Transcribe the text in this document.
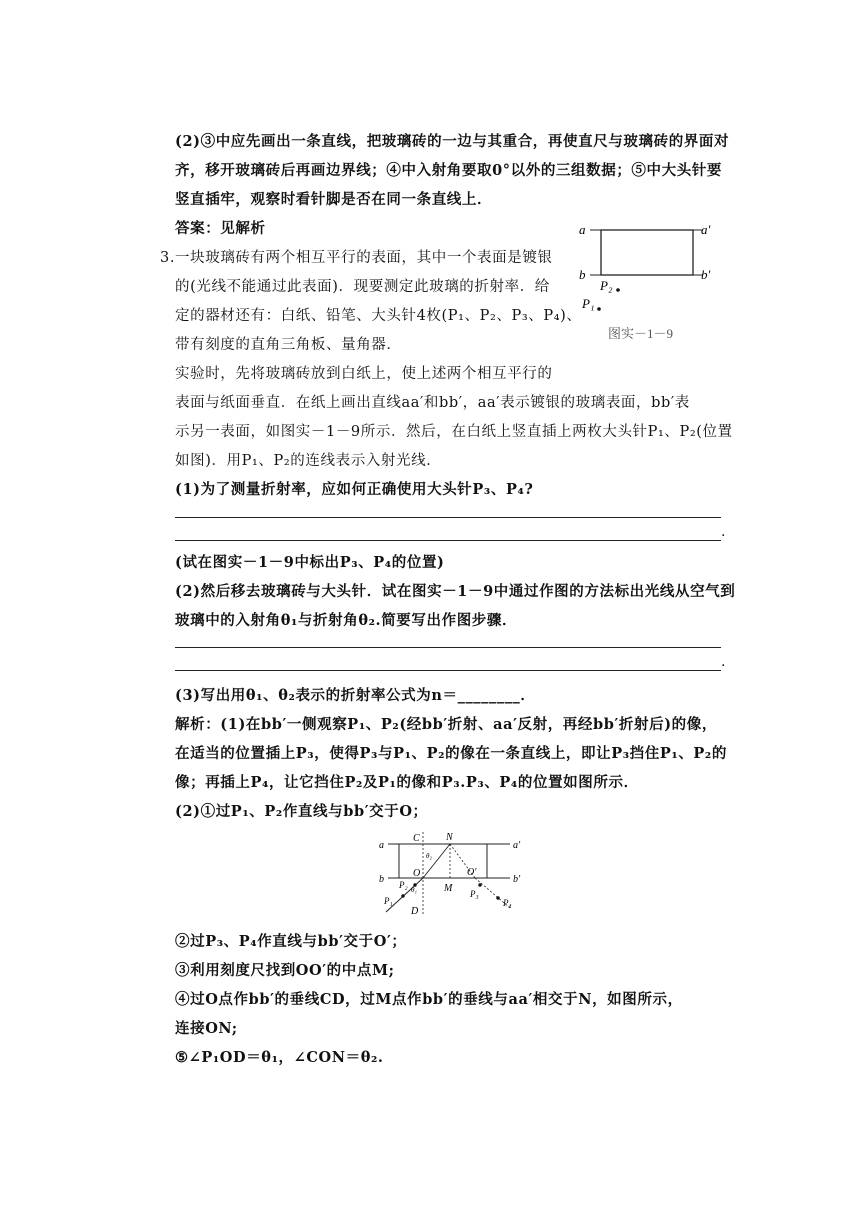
(2)③中应先画出一条直线，把玻璃砖的一边与其重合，再使直尺与玻璃砖的界面对
齐，移开玻璃砖后再画边界线；④中入射角要取0°以外的三组数据；⑤中大头针要
竖直插牢，观察时看针脚是否在同一条直线上．
答案：见解析
3.一块玻璃砖有两个相互平行的表面，其中一个表面是镀银
的(光线不能通过此表面)．现要测定此玻璃的折射率．给
定的器材还有：白纸、铅笔、大头针4枚(P₁、P₂、P₃、P₄)、
带有刻度的直角三角板、量角器．
实验时，先将玻璃砖放到白纸上，使上述两个相互平行的
表面与纸面垂直．在纸上画出直线aa′和bb′，aa′表示镀银的玻璃表面，bb′表
示另一表面，如图实－1－9所示．然后，在白纸上竖直插上两枚大头针P₁、P₂(位置
如图)．用P₁、P₂的连线表示入射光线．
(1)为了测量折射率，应如何正确使用大头针P₃、P₄?
.
(试在图实－1－9中标出P₃、P₄的位置)
(2)然后移去玻璃砖与大头针．试在图实－1－9中通过作图的方法标出光线从空气到
玻璃中的入射角θ₁与折射角θ₂.简要写出作图步骤．
.
(3)写出用θ₁、θ₂表示的折射率公式为n＝________．
解析：(1)在bb′一侧观察P₁、P₂(经bb′折射、aa′反射，再经bb′折射后)的像，
在适当的位置插上P₃，使得P₃与P₁、P₂的像在一条直线上，即让P₃挡住P₁、P₂的
像；再插上P₄，让它挡住P₂及P₁的像和P₃.P₃、P₄的位置如图所示．
(2)①过P₁、P₂作直线与bb′交于O；
②过P₃、P₄作直线与bb′交于O′；
③利用刻度尺找到OO′的中点M;
④过O点作bb′的垂线CD，过M点作bb′的垂线与aa′相交于N，如图所示，
连接ON;
⑤∠P₁OD＝θ₁，∠CON＝θ₂.
a	a′
b	b′
P₂
P₁
图实－1－9
a	a′
b	b′
C	N
θ₂
O	O′
θ₁	M
D
P₂
P₁
P₃
P₄
